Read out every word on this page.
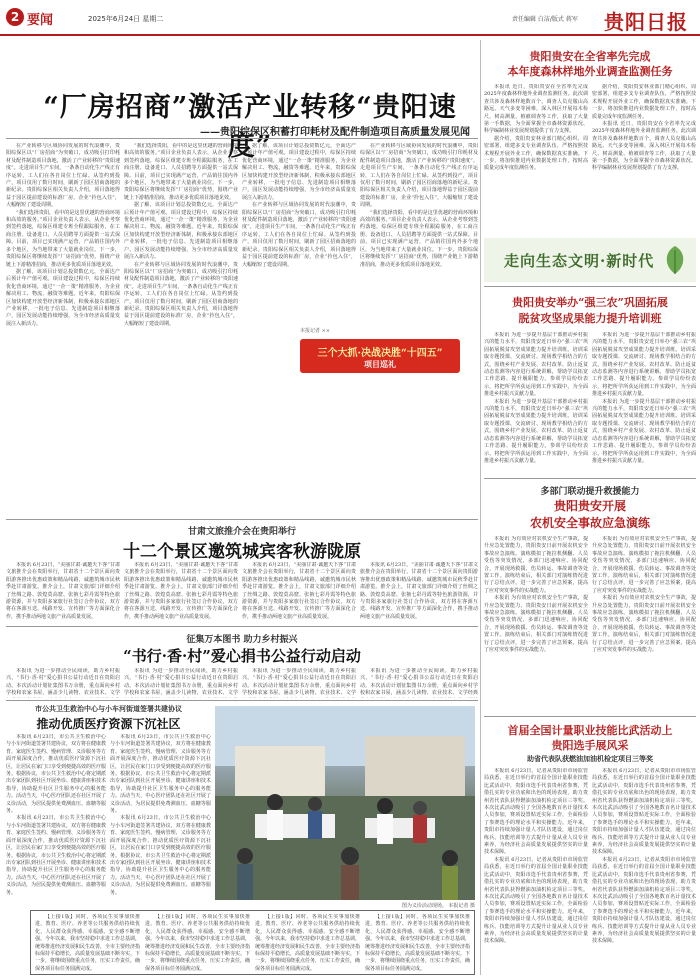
2 要闻	2025年6月24日 星期二	责任编辑 白洁/版式 蒋军 贵阳日报
“厂房招商”激活产业转移“贵阳速度”
——贵阳综保区积蓄打印耗材及配件制造项目高质量发展见闻

在产业转移与区域协同发展的时代浪潮中，贵阳综保区以“厂房招商”为突破口，成功吸引打印耗材及配件制造项目落地，激活了产业转移的“贵阳速度”。走进项目生产车间，一条条自动化生产线正有序运转，工人们在各自岗位上忙碌。从签约到投产，项目仅用了数月时间，刷新了园区招商落地的新纪录。贵阳综保区相关负责人介绍，项目落地得益于园区提前建设的标准厂房，企业“拎包入住”，大幅缩短了建设周期。

“我们选择贵阳，看中的是这里优越的营商环境和高效的服务。”项目企业负责人表示，从企业考察到签约落地，综保区组建专班全程跟踪服务，在工商注册、设备进口、人员招聘等方面提供一站式保障。目前，项目已实现满产运营，产品销往国内外多个地区，为当地带来了大量就业岗位。下一步，贵阳综保区将继续发挥“厂房招商”优势，围绕产业链上下游精准招商，推动更多优质项目落地见效。

据了解，该项目计划总投资数亿元，全面达产后预计年产值可观。项目建设过程中，综保区持续优化营商环境，通过“一企一策”精准服务，为企业解决用工、物流、融资等难题。近年来，贵阳综保区加快构建开放型经济新体制，积极承接东部地区产业转移，一批电子信息、先进制造项目相继落户，园区发展动能持续增强，为全市经济高质量发展注入新活力。

“我们选择贵阳，看中的是这里优越的营商环境和高效的服务。”项目企业负责人表示，从企业考察到签约落地，综保区组建专班全程跟踪服务，在工商注册、设备进口、人员招聘等方面提供一站式保障。目前，项目已实现满产运营，产品销往国内外多个地区，为当地带来了大量就业岗位。下一步，贵阳综保区将继续发挥“厂房招商”优势，围绕产业链上下游精准招商，推动更多优质项目落地见效。

据了解，该项目计划总投资数亿元，全面达产后预计年产值可观。项目建设过程中，综保区持续优化营商环境，通过“一企一策”精准服务，为企业解决用工、物流、融资等难题。近年来，贵阳综保区加快构建开放型经济新体制，积极承接东部地区产业转移，一批电子信息、先进制造项目相继落户，园区发展动能持续增强，为全市经济高质量发展注入新活力。

在产业转移与区域协同发展的时代浪潮中，贵阳综保区以“厂房招商”为突破口，成功吸引打印耗材及配件制造项目落地，激活了产业转移的“贵阳速度”。走进项目生产车间，一条条自动化生产线正有序运转，工人们在各自岗位上忙碌。从签约到投产，项目仅用了数月时间，刷新了园区招商落地的新纪录。贵阳综保区相关负责人介绍，项目落地得益于园区提前建设的标准厂房，企业“拎包入住”，大幅缩短了建设周期。

据了解，该项目计划总投资数亿元，全面达产后预计年产值可观。项目建设过程中，综保区持续优化营商环境，通过“一企一策”精准服务，为企业解决用工、物流、融资等难题。近年来，贵阳综保区加快构建开放型经济新体制，积极承接东部地区产业转移，一批电子信息、先进制造项目相继落户，园区发展动能持续增强，为全市经济高质量发展注入新活力。

在产业转移与区域协同发展的时代浪潮中，贵阳综保区以“厂房招商”为突破口，成功吸引打印耗材及配件制造项目落地，激活了产业转移的“贵阳速度”。走进项目生产车间，一条条自动化生产线正有序运转，工人们在各自岗位上忙碌。从签约到投产，项目仅用了数月时间，刷新了园区招商落地的新纪录。贵阳综保区相关负责人介绍，项目落地得益于园区提前建设的标准厂房，企业“拎包入住”，大幅缩短了建设周期。

在产业转移与区域协同发展的时代浪潮中，贵阳综保区以“厂房招商”为突破口，成功吸引打印耗材及配件制造项目落地，激活了产业转移的“贵阳速度”。走进项目生产车间，一条条自动化生产线正有序运转，工人们在各自岗位上忙碌。从签约到投产，项目仅用了数月时间，刷新了园区招商落地的新纪录。贵阳综保区相关负责人介绍，项目落地得益于园区提前建设的标准厂房，企业“拎包入住”，大幅缩短了建设周期。

“我们选择贵阳，看中的是这里优越的营商环境和高效的服务。”项目企业负责人表示，从企业考察到签约落地，综保区组建专班全程跟踪服务，在工商注册、设备进口、人员招聘等方面提供一站式保障。目前，项目已实现满产运营，产品销往国内外多个地区，为当地带来了大量就业岗位。下一步，贵阳综保区将继续发挥“厂房招商”优势，围绕产业链上下游精准招商，推动更多优质项目落地见效。

本报记者 ××
三个大抓·决战决胜“十四五”
项目巡礼
贵阳贵安在全省率先完成
本年度森林样地外业调查监测任务

本报讯 近日，贵阳贵安在全省率先完成2025年度森林样地外业调查监测任务。此次调查共涉及森林样地数百个，调查人员克服山高路远、天气多变等困难，深入林区开展每木检尺、树高测量、植被调查等工作，获取了大量第一手数据，为全面掌握全市森林资源状况、科学编制林业发展规划提供了有力支撑。

据介绍，贵阳贵安林业部门精心组织、周密部署，组建多支专业调查队伍，严格按照技术规程开展外业工作，确保数据真实准确。下一步，将加快推进内业数据处理工作，按时高质量完成年度监测任务。

据介绍，贵阳贵安林业部门精心组织、周密部署，组建多支专业调查队伍，严格按照技术规程开展外业工作，确保数据真实准确。下一步，将加快推进内业数据处理工作，按时高质量完成年度监测任务。

本报讯 近日，贵阳贵安在全省率先完成2025年度森林样地外业调查监测任务。此次调查共涉及森林样地数百个，调查人员克服山高路远、天气多变等困难，深入林区开展每木检尺、树高测量、植被调查等工作，获取了大量第一手数据，为全面掌握全市森林资源状况、科学编制林业发展规划提供了有力支撑。

走向生态文明·新时代
贵阳贵安举办“强三农”巩固拓展
脱贫攻坚成果能力提升培训班

本报讯 为进一步提升基层干部推动乡村振兴的能力水平，贵阳贵安近日举办“强三农”巩固拓展脱贫攻坚成果能力提升培训班。培训采取专题授课、交流研讨、现场教学相结合的方式，围绕乡村产业发展、农村改革、防止返贫动态监测等内容进行系统讲解，帮助学员拓宽工作思路、提升履职能力。参训学员纷纷表示，将把所学所获运用到工作实践中，为全面推进乡村振兴贡献力量。

本报讯 为进一步提升基层干部推动乡村振兴的能力水平，贵阳贵安近日举办“强三农”巩固拓展脱贫攻坚成果能力提升培训班。培训采取专题授课、交流研讨、现场教学相结合的方式，围绕乡村产业发展、农村改革、防止返贫动态监测等内容进行系统讲解，帮助学员拓宽工作思路、提升履职能力。参训学员纷纷表示，将把所学所获运用到工作实践中，为全面推进乡村振兴贡献力量。

本报讯 为进一步提升基层干部推动乡村振兴的能力水平，贵阳贵安近日举办“强三农”巩固拓展脱贫攻坚成果能力提升培训班。培训采取专题授课、交流研讨、现场教学相结合的方式，围绕乡村产业发展、农村改革、防止返贫动态监测等内容进行系统讲解，帮助学员拓宽工作思路、提升履职能力。参训学员纷纷表示，将把所学所获运用到工作实践中，为全面推进乡村振兴贡献力量。

本报讯 为进一步提升基层干部推动乡村振兴的能力水平，贵阳贵安近日举办“强三农”巩固拓展脱贫攻坚成果能力提升培训班。培训采取专题授课、交流研讨、现场教学相结合的方式，围绕乡村产业发展、农村改革、防止返贫动态监测等内容进行系统讲解，帮助学员拓宽工作思路、提升履职能力。参训学员纷纷表示，将把所学所获运用到工作实践中，为全面推进乡村振兴贡献力量。

甘肃文旅推介会在贵阳举行
十二个景区邀筑城宾客秋游陇原

本报讯 6月23日，“美丽甘肃·诚邀天下客”甘肃文旅推介会在贵阳举行，甘肃省十二个景区面向贵阳游客推出优惠政策和精品线路，诚邀筑城市民秋季赴甘肃游览。推介会上，甘肃文旅部门详细介绍了丝绸之路、敦煌莫高窟、张掖七彩丹霞等特色旅游资源，并与贵阳多家旅行社签订合作协议，双方将在客源互送、线路开发、宣传推广等方面深化合作，携手推动两地文旅产业高质量发展。

本报讯 6月23日，“美丽甘肃·诚邀天下客”甘肃文旅推介会在贵阳举行，甘肃省十二个景区面向贵阳游客推出优惠政策和精品线路，诚邀筑城市民秋季赴甘肃游览。推介会上，甘肃文旅部门详细介绍了丝绸之路、敦煌莫高窟、张掖七彩丹霞等特色旅游资源，并与贵阳多家旅行社签订合作协议，双方将在客源互送、线路开发、宣传推广等方面深化合作，携手推动两地文旅产业高质量发展。

本报讯 6月23日，“美丽甘肃·诚邀天下客”甘肃文旅推介会在贵阳举行，甘肃省十二个景区面向贵阳游客推出优惠政策和精品线路，诚邀筑城市民秋季赴甘肃游览。推介会上，甘肃文旅部门详细介绍了丝绸之路、敦煌莫高窟、张掖七彩丹霞等特色旅游资源，并与贵阳多家旅行社签订合作协议，双方将在客源互送、线路开发、宣传推广等方面深化合作，携手推动两地文旅产业高质量发展。

本报讯 6月23日，“美丽甘肃·诚邀天下客”甘肃文旅推介会在贵阳举行，甘肃省十二个景区面向贵阳游客推出优惠政策和精品线路，诚邀筑城市民秋季赴甘肃游览。推介会上，甘肃文旅部门详细介绍了丝绸之路、敦煌莫高窟、张掖七彩丹霞等特色旅游资源，并与贵阳多家旅行社签订合作协议，双方将在客源互送、线路开发、宣传推广等方面深化合作，携手推动两地文旅产业高质量发展。

多部门联动提升救援能力
贵阳贵安开展
农机安全事故应急演练

本报讯 为有效应对农机安全生产事故，提升应急处置能力，贵阳贵安日前开展农机安全事故应急演练。演练模拟了拖拉机侧翻、人员受伤等突发情况，多部门迅速响应、协同配合，开展现场救援、伤员转运、事故调查等处置工作。演练结束后，相关部门对演练情况进行了总结点评，进一步完善了应急预案，提高了应对突发事件的实战能力。

本报讯 为有效应对农机安全生产事故，提升应急处置能力，贵阳贵安日前开展农机安全事故应急演练。演练模拟了拖拉机侧翻、人员受伤等突发情况，多部门迅速响应、协同配合，开展现场救援、伤员转运、事故调查等处置工作。演练结束后，相关部门对演练情况进行了总结点评，进一步完善了应急预案，提高了应对突发事件的实战能力。

本报讯 为有效应对农机安全生产事故，提升应急处置能力，贵阳贵安日前开展农机安全事故应急演练。演练模拟了拖拉机侧翻、人员受伤等突发情况，多部门迅速响应、协同配合，开展现场救援、伤员转运、事故调查等处置工作。演练结束后，相关部门对演练情况进行了总结点评，进一步完善了应急预案，提高了应对突发事件的实战能力。

本报讯 为有效应对农机安全生产事故，提升应急处置能力，贵阳贵安日前开展农机安全事故应急演练。演练模拟了拖拉机侧翻、人员受伤等突发情况，多部门迅速响应、协同配合，开展现场救援、伤员转运、事故调查等处置工作。演练结束后，相关部门对演练情况进行了总结点评，进一步完善了应急预案，提高了应对突发事件的实战能力。

征集万本图书 助力乡村振兴
“书行·香·村”爱心捐书公益行动启动

本报讯 为进一步推动全民阅读，助力乡村振兴，“书行·香·村”爱心捐书公益行动近日在贵阳启动。本次活动计划征集图书万余册，重点面向乡村学校和农家书屋，涵盖少儿读物、农业技术、文学

本报讯 为进一步推动全民阅读，助力乡村振兴，“书行·香·村”爱心捐书公益行动近日在贵阳启动。本次活动计划征集图书万余册，重点面向乡村学校和农家书屋，涵盖少儿读物、农业技术、文学

本报讯 为进一步推动全民阅读，助力乡村振兴，“书行·香·村”爱心捐书公益行动近日在贵阳启动。本次活动计划征集图书万余册，重点面向乡村学校和农家书屋，涵盖少儿读物、农业技术、文学

本报讯 为进一步推动全民阅读，助力乡村振兴，“书行·香·村”爱心捐书公益行动近日在贵阳启动。本次活动计划征集图书万余册，重点面向乡村学校和农家书屋，涵盖少儿读物、农业技术、文学经典

市公共卫生救治中心与小车河街道签署共建协议
推动优质医疗资源下沉社区

本报讯 6月23日，市公共卫生救治中心与小车河街道签署共建协议，双方将在健康教育、家庭医生签约、慢病管理、义诊服务等方面开展深度合作，推动优质医疗资源下沉社区，让居民在家门口享受到便捷高效的医疗服务。根据协议，市公共卫生救治中心将定期派出专家团队到社区开展坐诊、健康讲座和技术指导，协助提升社区卫生服务中心的服务能力。活动当天，中心医疗团队还在社区开展了义诊活动，为居民提供免费测血压、血糖等服务。

本报讯 6月23日，市公共卫生救治中心与小车河街道签署共建协议，双方将在健康教育、家庭医生签约、慢病管理、义诊服务等方面开展深度合作，推动优质医疗资源下沉社区，让居民在家门口享受到便捷高效的医疗服务。根据协议，市公共卫生救治中心将定期派出专家团队到社区开展坐诊、健康讲座和技术指导，协助提升社区卫生服务中心的服务能力。活动当天，中心医疗团队还在社区开展了义诊活动，为居民提供免费测血压、血糖等服务。

本报讯 6月23日，市公共卫生救治中心与小车河街道签署共建协议，双方将在健康教育、家庭医生签约、慢病管理、义诊服务等方面开展深度合作，推动优质医疗资源下沉社区，让居民在家门口享受到便捷高效的医疗服务。根据协议，市公共卫生救治中心将定期派出专家团队到社区开展坐诊、健康讲座和技术指导，协助提升社区卫生服务中心的服务能力。活动当天，中心医疗团队还在社区开展了义诊活动，为居民提供免费测血压、血糖等服务。

本报讯 6月23日，市公共卫生救治中心与小车河街道签署共建协议，双方将在健康教育、家庭医生签约、慢病管理、义诊服务等方面开展深度合作，推动优质医疗资源下沉社区，让居民在家门口享受到便捷高效的医疗服务。根据协议，市公共卫生救治中心将定期派出专家团队到社区开展坐诊、健康讲座和技术指导，协助提升社区卫生服务中心的服务能力。活动当天，中心医疗团队还在社区开展了义诊活动，为居民提供免费测血压、血糖等服务。

图为义诊活动现场。 本报记者 摄
首届全国计量职业技能比武活动上
贵阳选手展风采
助省代表队获燃油加油机检定项目三等奖

本报讯 6月23日，记者从贵阳市市场监管局获悉，在近日举行的首届全国计量职业技能比武活动中，贵阳市选手代表贵州省参赛，凭借扎实的专业功底和出色的现场表现，助力贵州省代表队获得燃油加油机检定项目三等奖。本次比武活动吸引了全国各地数百名计量技术人员参加，赛项设置贴近实际工作，全面检验了参赛选手的理论水平和实操能力。近年来，贵阳市持续加强计量人才队伍建设，通过岗位练兵、技能培训等方式提升计量从业人员专业素养，为经济社会高质量发展提供坚实的计量技术保障。

本报讯 6月23日，记者从贵阳市市场监管局获悉，在近日举行的首届全国计量职业技能比武活动中，贵阳市选手代表贵州省参赛，凭借扎实的专业功底和出色的现场表现，助力贵州省代表队获得燃油加油机检定项目三等奖。本次比武活动吸引了全国各地数百名计量技术人员参加，赛项设置贴近实际工作，全面检验了参赛选手的理论水平和实操能力。近年来，贵阳市持续加强计量人才队伍建设，通过岗位练兵、技能培训等方式提升计量从业人员专业素养，为经济社会高质量发展提供坚实的计量技术保障。

本报讯 6月23日，记者从贵阳市市场监管局获悉，在近日举行的首届全国计量职业技能比武活动中，贵阳市选手代表贵州省参赛，凭借扎实的专业功底和出色的现场表现，助力贵州省代表队获得燃油加油机检定项目三等奖。本次比武活动吸引了全国各地数百名计量技术人员参加，赛项设置贴近实际工作，全面检验了参赛选手的理论水平和实操能力。近年来，贵阳市持续加强计量人才队伍建设，通过岗位练兵、技能培训等方式提升计量从业人员专业素养，为经济社会高质量发展提供坚实的计量技术保障。

本报讯 6月23日，记者从贵阳市市场监管局获悉，在近日举行的首届全国计量职业技能比武活动中，贵阳市选手代表贵州省参赛，凭借扎实的专业功底和出色的现场表现，助力贵州省代表队获得燃油加油机检定项目三等奖。本次比武活动吸引了全国各地数百名计量技术人员参加，赛项设置贴近实际工作，全面检验了参赛选手的理论水平和实操能力。近年来，贵阳市持续加强计量人才队伍建设，通过岗位练兵、技能培训等方式提升计量从业人员专业素养，为经济社会高质量发展提供坚实的计量技术保障。

【上接1版】同时，各项民生实事加快推进，教育、医疗、养老等公共服务供给持续优化，人民群众获得感、幸福感、安全感不断增强。今年以来，我市坚持稳中求进工作总基调，统筹推进经济发展和民生改善，全市主要经济指标保持平稳增长，高质量发展基础不断夯实。下一步，将继续围绕重点任务，压实工作责任，确保各项目标任务圆满完成。

【上接1版】同时，各项民生实事加快推进，教育、医疗、养老等公共服务供给持续优化，人民群众获得感、幸福感、安全感不断增强。今年以来，我市坚持稳中求进工作总基调，统筹推进经济发展和民生改善，全市主要经济指标保持平稳增长，高质量发展基础不断夯实。下一步，将继续围绕重点任务，压实工作责任，确保各项目标任务圆满完成。

【上接1版】同时，各项民生实事加快推进，教育、医疗、养老等公共服务供给持续优化，人民群众获得感、幸福感、安全感不断增强。今年以来，我市坚持稳中求进工作总基调，统筹推进经济发展和民生改善，全市主要经济指标保持平稳增长，高质量发展基础不断夯实。下一步，将继续围绕重点任务，压实工作责任，确保各项目标任务圆满完成。

【上接1版】同时，各项民生实事加快推进，教育、医疗、养老等公共服务供给持续优化，人民群众获得感、幸福感、安全感不断增强。今年以来，我市坚持稳中求进工作总基调，统筹推进经济发展和民生改善，全市主要经济指标保持平稳增长，高质量发展基础不断夯实。下一步，将继续围绕重点任务，压实工作责任，确保各项目标任务圆满完成。
